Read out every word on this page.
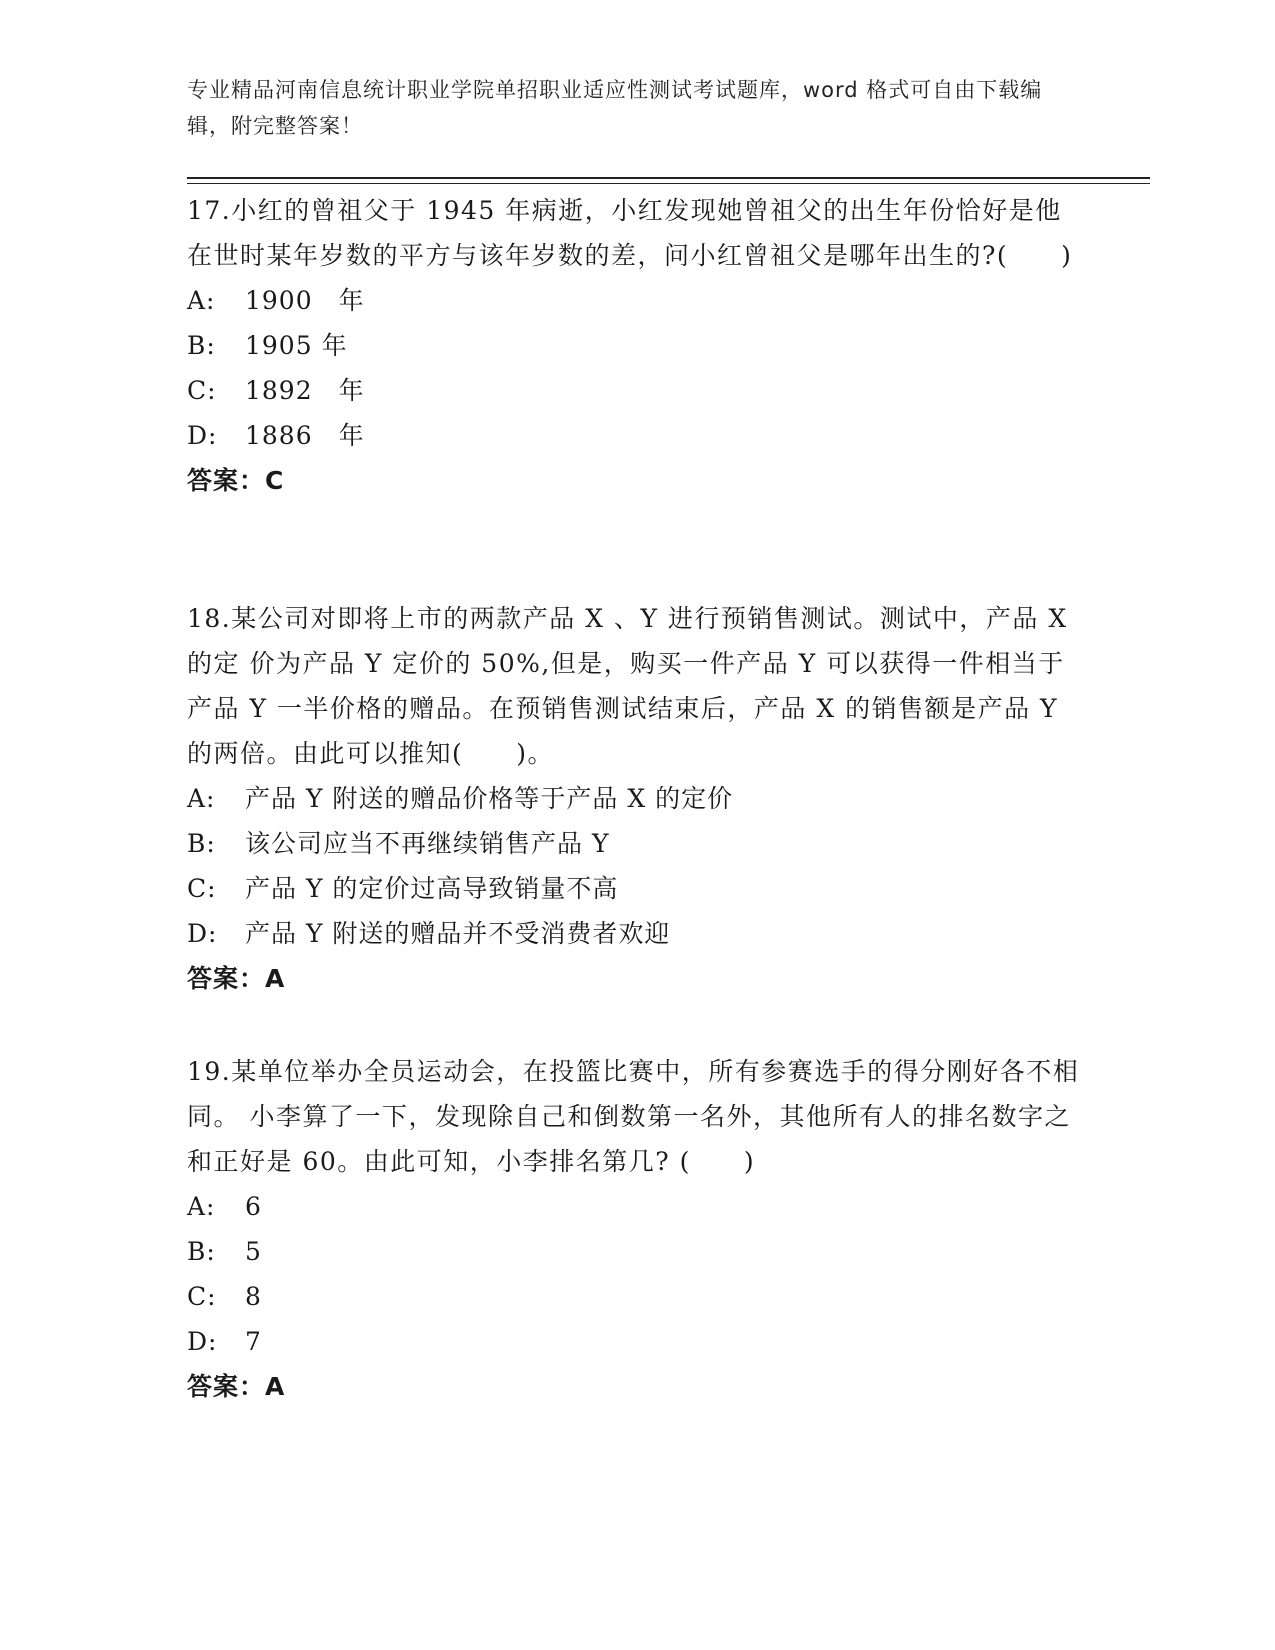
专业精品河南信息统计职业学院单招职业适应性测试考试题库，word 格式可自由下载编辑，附完整答案！

17.小红的曾祖父于 1945 年病逝，小红发现她曾祖父的出生年份恰好是他在世时某年岁数的平方与该年岁数的差，问小红曾祖父是哪年出生的?(　　)

A:	1900　年
B:	1905 年
C:	1892　年
D:	1886　年

答案：C

18.某公司对即将上市的两款产品 X 、Y 进行预销售测试。测试中，产品 X 的定 价为产品 Y 定价的 50%,但是，购买一件产品 Y 可以获得一件相当于产品 Y 一半价格的赠品。在预销售测试结束后，产品 X 的销售额是产品 Y 的两倍。由此可以推知(　　)。

A:	产品 Y 附送的赠品价格等于产品 X 的定价
B:	该公司应当不再继续销售产品 Y
C:	产品 Y 的定价过高导致销量不高
D:	产品 Y 附送的赠品并不受消费者欢迎

答案：A

19.某单位举办全员运动会，在投篮比赛中，所有参赛选手的得分刚好各不相同。 小李算了一下，发现除自己和倒数第一名外，其他所有人的排名数字之和正好是 60。由此可知，小李排名第几? (　　)

A:	6
B:	5
C:	8
D:	7

答案：A
